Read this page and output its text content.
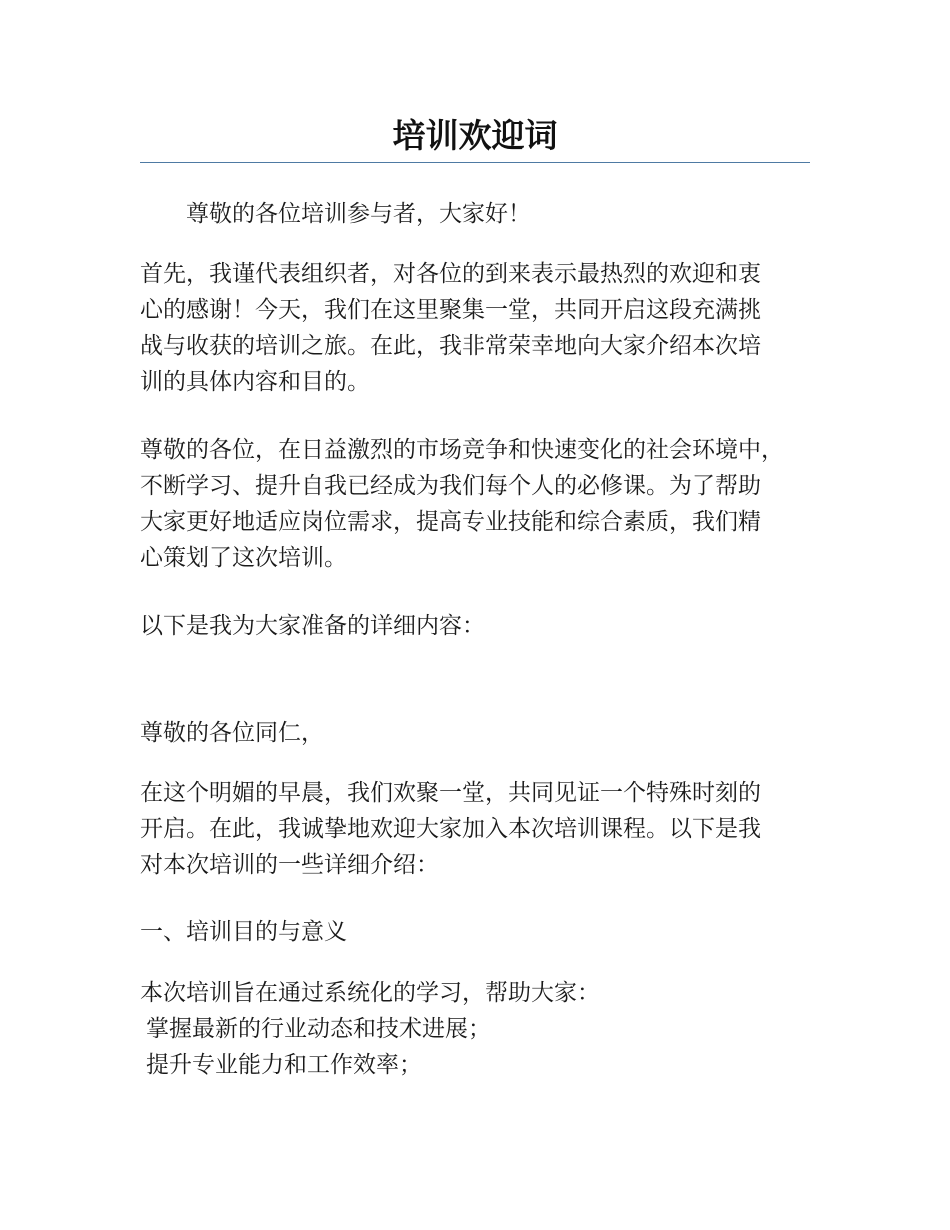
培训欢迎词
尊敬的各位培训参与者，大家好！
首先，我谨代表组织者，对各位的到来表示最热烈的欢迎和衷
心的感谢！今天，我们在这里聚集一堂，共同开启这段充满挑
战与收获的培训之旅。在此，我非常荣幸地向大家介绍本次培
训的具体内容和目的。
尊敬的各位，在日益激烈的市场竞争和快速变化的社会环境中，
不断学习、提升自我已经成为我们每个人的必修课。为了帮助
大家更好地适应岗位需求，提高专业技能和综合素质，我们精
心策划了这次培训。
以下是我为大家准备的详细内容：
尊敬的各位同仁，
在这个明媚的早晨，我们欢聚一堂，共同见证一个特殊时刻的
开启。在此，我诚挚地欢迎大家加入本次培训课程。以下是我
对本次培训的一些详细介绍：
一、培训目的与意义
本次培训旨在通过系统化的学习，帮助大家：
掌握最新的行业动态和技术进展；
提升专业能力和工作效率；
